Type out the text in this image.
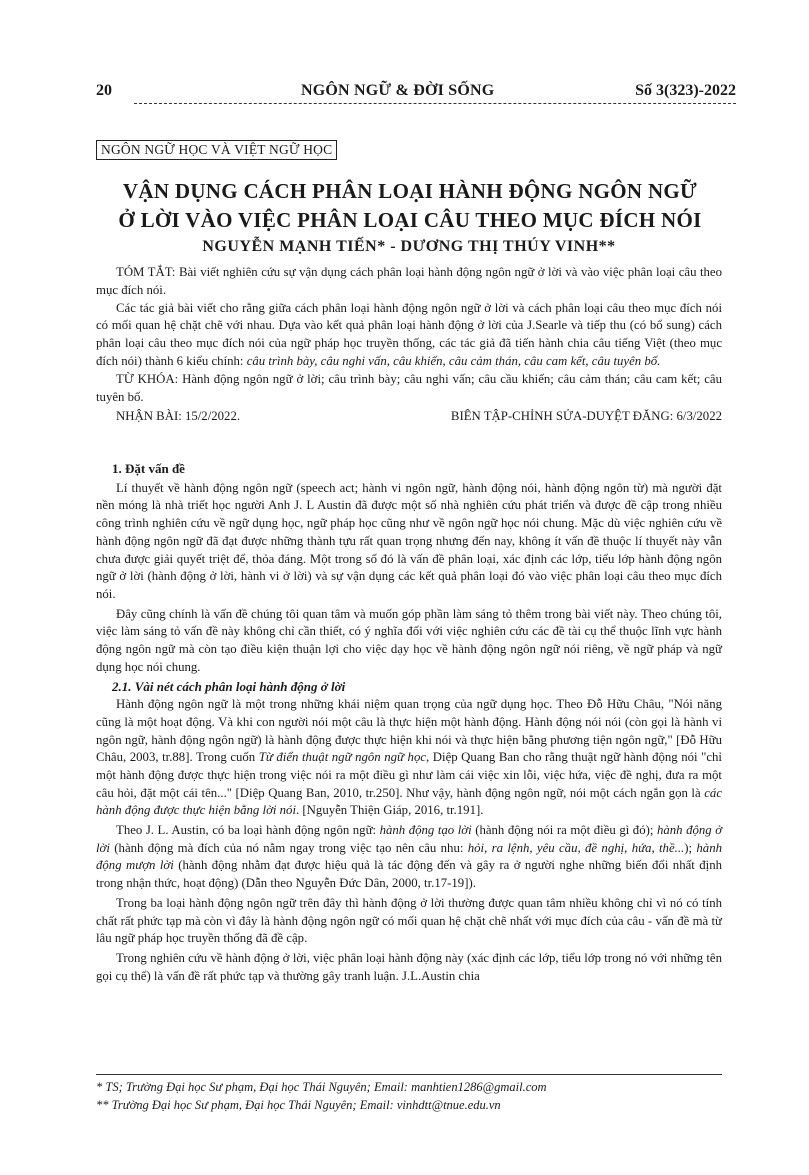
20	NGÔN NGỮ & ĐỜI SỐNG	Số 3(323)-2022
NGÔN NGỮ HỌC VÀ VIỆT NGỮ HỌC
VẬN DỤNG CÁCH PHÂN LOẠI HÀNH ĐỘNG NGÔN NGỮ
Ở LỜI VÀO VIỆC PHÂN LOẠI CÂU THEO MỤC ĐÍCH NÓI
NGUYỄN MẠNH TIẾN* - DƯƠNG THỊ THÚY VINH**

TÓM TẮT: Bài viết nghiên cứu sự vận dụng cách phân loại hành động ngôn ngữ ở lời và vào việc phân loại câu theo mục đích nói.

Các tác giả bài viết cho rằng giữa cách phân loại hành động ngôn ngữ ở lời và cách phân loại câu theo mục đích nói có mối quan hệ chặt chẽ với nhau. Dựa vào kết quả phân loại hành động ở lời của J.Searle và tiếp thu (có bổ sung) cách phân loại câu theo mục đích nói của ngữ pháp học truyền thống, các tác giả đã tiến hành chia câu tiếng Việt (theo mục đích nói) thành 6 kiểu chính: câu trình bày, câu nghi vấn, câu khiến, câu cảm thán, câu cam kết, câu tuyên bố.

TỪ KHÓA: Hành động ngôn ngữ ở lời; câu trình bày; câu nghi vấn; câu cầu khiến; câu cảm thán; câu cam kết; câu tuyên bố.

NHẬN BÀI: 15/2/2022.	BIÊN TẬP-CHỈNH SỬA-DUYỆT ĐĂNG: 6/3/2022
1. Đặt vấn đề

Lí thuyết về hành động ngôn ngữ (speech act; hành vi ngôn ngữ, hành động nói, hành động ngôn từ) mà người đặt nền móng là nhà triết học người Anh J. L Austin đã được một số nhà nghiên cứu phát triển và được đề cập trong nhiều công trình nghiên cứu về ngữ dụng học, ngữ pháp học cũng như về ngôn ngữ học nói chung. Mặc dù việc nghiên cứu về hành động ngôn ngữ đã đạt được những thành tựu rất quan trọng nhưng đến nay, không ít vấn đề thuộc lí thuyết này vẫn chưa được giải quyết triệt để, thỏa đáng. Một trong số đó là vấn đề phân loại, xác định các lớp, tiểu lớp hành động ngôn ngữ ở lời (hành động ở lời, hành vi ở lời) và sự vận dụng các kết quả phân loại đó vào việc phân loại câu theo mục đích nói.

Đây cũng chính là vấn đề chúng tôi quan tâm và muốn góp phần làm sáng tỏ thêm trong bài viết này. Theo chúng tôi, việc làm sáng tỏ vấn đề này không chỉ cần thiết, có ý nghĩa đối với việc nghiên cứu các đề tài cụ thể thuộc lĩnh vực hành động ngôn ngữ mà còn tạo điều kiện thuận lợi cho việc dạy học về hành động ngôn ngữ nói riêng, về ngữ pháp và ngữ dụng học nói chung.

2.1. Vài nét cách phân loại hành động ở lời

Hành động ngôn ngữ là một trong những khái niệm quan trọng của ngữ dụng học. Theo Đỗ Hữu Châu, "Nói năng cũng là một hoạt động. Và khi con người nói một câu là thực hiện một hành động. Hành động nói nói (còn gọi là hành vi ngôn ngữ, hành động ngôn ngữ) là hành động được thực hiện khi nói và thực hiện bằng phương tiện ngôn ngữ," [Đỗ Hữu Châu, 2003, tr.88]. Trong cuốn Từ điển thuật ngữ ngôn ngữ học, Diệp Quang Ban cho rằng thuật ngữ hành động nói "chỉ một hành động được thực hiện trong việc nói ra một điều gì như làm cái việc xin lỗi, việc hứa, việc đề nghị, đưa ra một câu hỏi, đặt một cái tên..." [Diệp Quang Ban, 2010, tr.250]. Như vậy, hành động ngôn ngữ, nói một cách ngắn gọn là các hành động được thực hiện bằng lời nói. [Nguyễn Thiện Giáp, 2016, tr.191].

Theo J. L. Austin, có ba loại hành động ngôn ngữ: hành động tạo lời (hành động nói ra một điều gì đó); hành động ở lời (hành động mà đích của nó nằm ngay trong việc tạo nên câu nhu: hỏi, ra lệnh, yêu cầu, đề nghị, hứa, thề...); hành động mượn lời (hành động nhằm đạt được hiệu quả là tác động đến và gây ra ở người nghe những biến đổi nhất định trong nhận thức, hoạt động) (Dẫn theo Nguyễn Đức Dân, 2000, tr.17-19]).

Trong ba loại hành động ngôn ngữ trên đây thì hành động ở lời thường được quan tâm nhiều không chỉ vì nó có tính chất rất phức tạp mà còn vì đây là hành động ngôn ngữ có mối quan hệ chặt chẽ nhất với mục đích của câu - vấn đề mà từ lâu ngữ pháp học truyền thống đã đề cập.

Trong nghiên cứu về hành động ở lời, việc phân loại hành động này (xác định các lớp, tiểu lớp trong nó với những tên gọi cụ thể) là vấn đề rất phức tạp và thường gây tranh luận. J.L.Austin chia

* TS; Trường Đại học Sư phạm, Đại học Thái Nguyên; Email: manhtien1286@gmail.com
** Trường Đại học Sư phạm, Đại học Thái Nguyên; Email: vinhdtt@tnue.edu.vn
